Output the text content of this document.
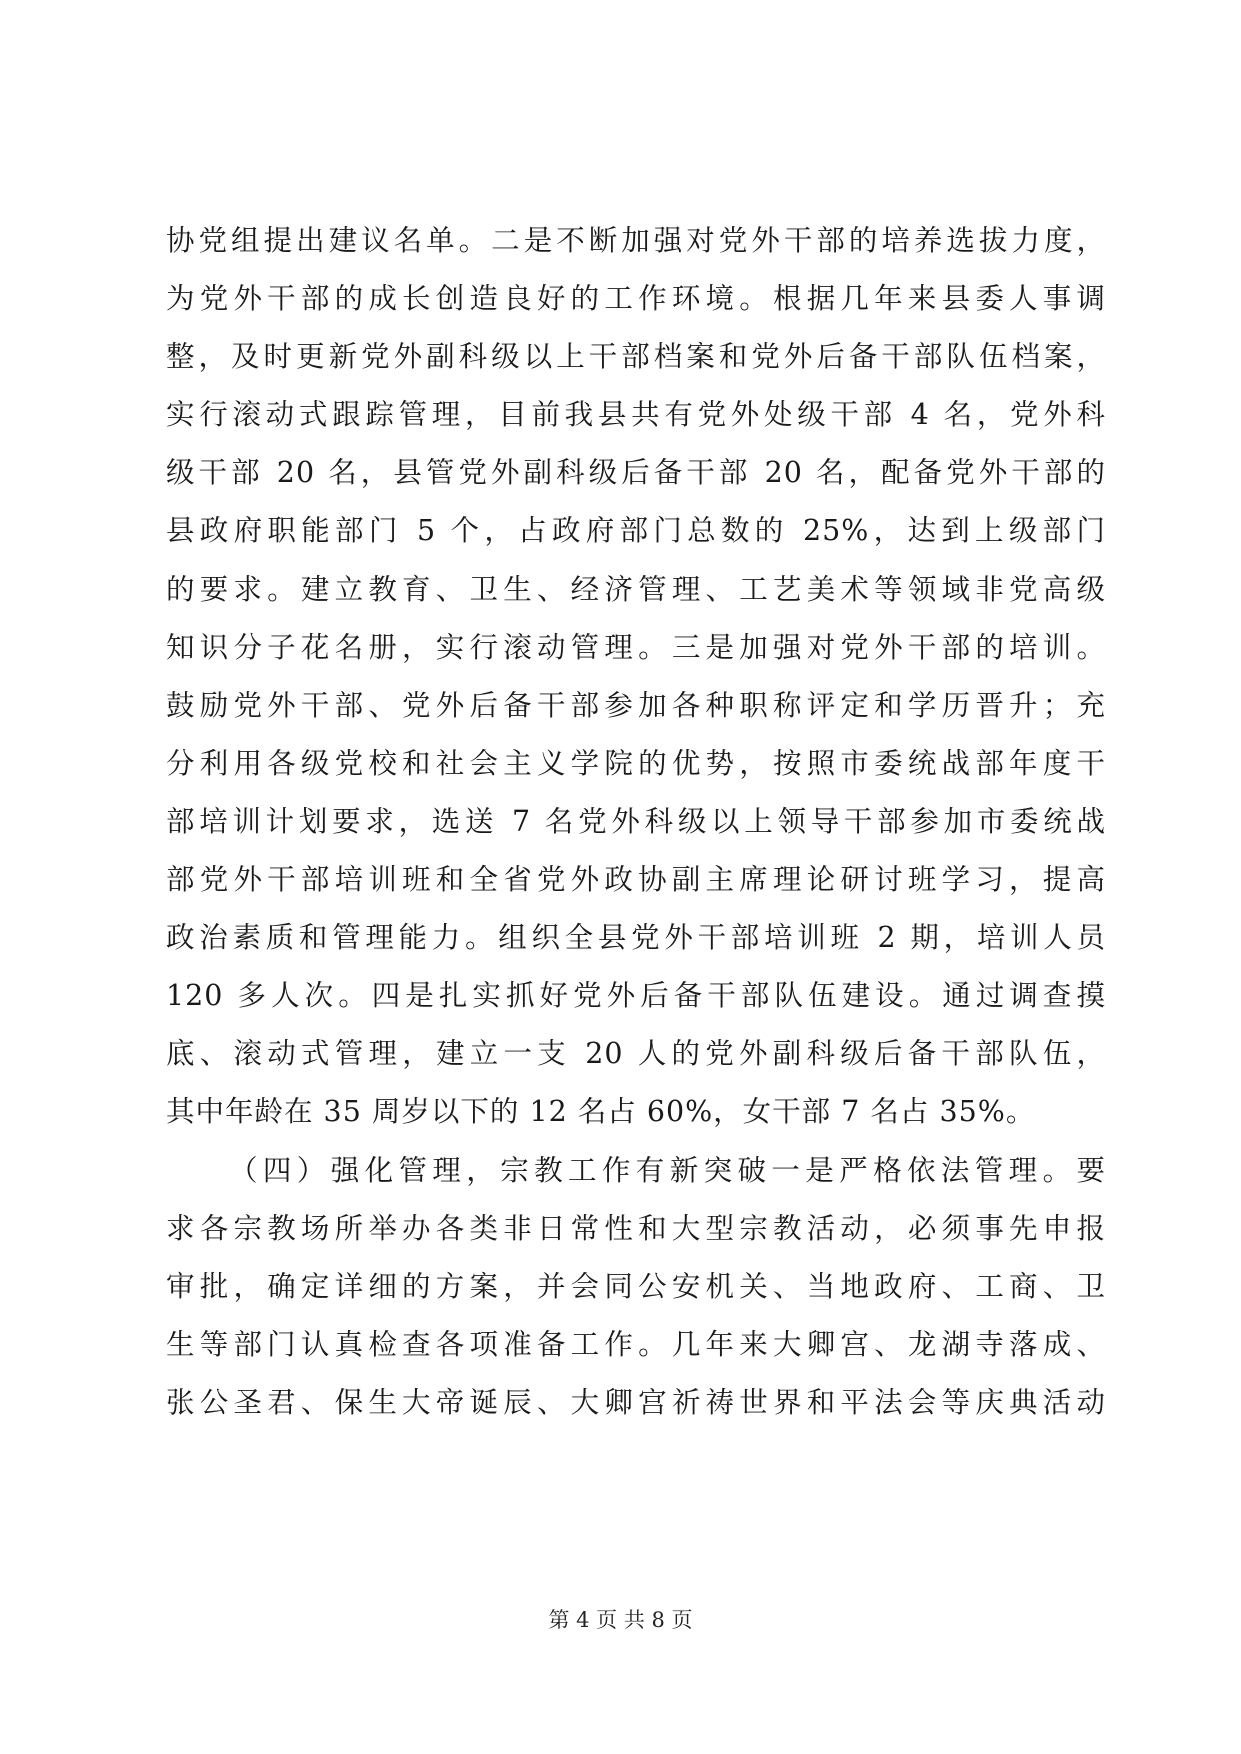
协党组提出建议名单。二是不断加强对党外干部的培养选拔力度，
为党外干部的成长创造良好的工作环境。根据几年来县委人事调
整，及时更新党外副科级以上干部档案和党外后备干部队伍档案，
实行滚动式跟踪管理，目前我县共有党外处级干部 4 名，党外科
级干部 20 名，县管党外副科级后备干部 20 名，配备党外干部的
县政府职能部门 5 个，占政府部门总数的 25%，达到上级部门
的要求。建立教育、卫生、经济管理、工艺美术等领域非党高级
知识分子花名册，实行滚动管理。三是加强对党外干部的培训。
鼓励党外干部、党外后备干部参加各种职称评定和学历晋升；充
分利用各级党校和社会主义学院的优势，按照市委统战部年度干
部培训计划要求，选送 7 名党外科级以上领导干部参加市委统战
部党外干部培训班和全省党外政协副主席理论研讨班学习，提高
政治素质和管理能力。组织全县党外干部培训班 2 期，培训人员
120 多人次。四是扎实抓好党外后备干部队伍建设。通过调查摸
底、滚动式管理，建立一支 20 人的党外副科级后备干部队伍，
其中年龄在 35 周岁以下的 12 名占 60%，女干部 7 名占 35%。
（四）强化管理，宗教工作有新突破一是严格依法管理。要
求各宗教场所举办各类非日常性和大型宗教活动，必须事先申报
审批，确定详细的方案，并会同公安机关、当地政府、工商、卫
生等部门认真检查各项准备工作。几年来大卿宫、龙湖寺落成、
张公圣君、保生大帝诞辰、大卿宫祈祷世界和平法会等庆典活动
第 4 页 共 8 页
